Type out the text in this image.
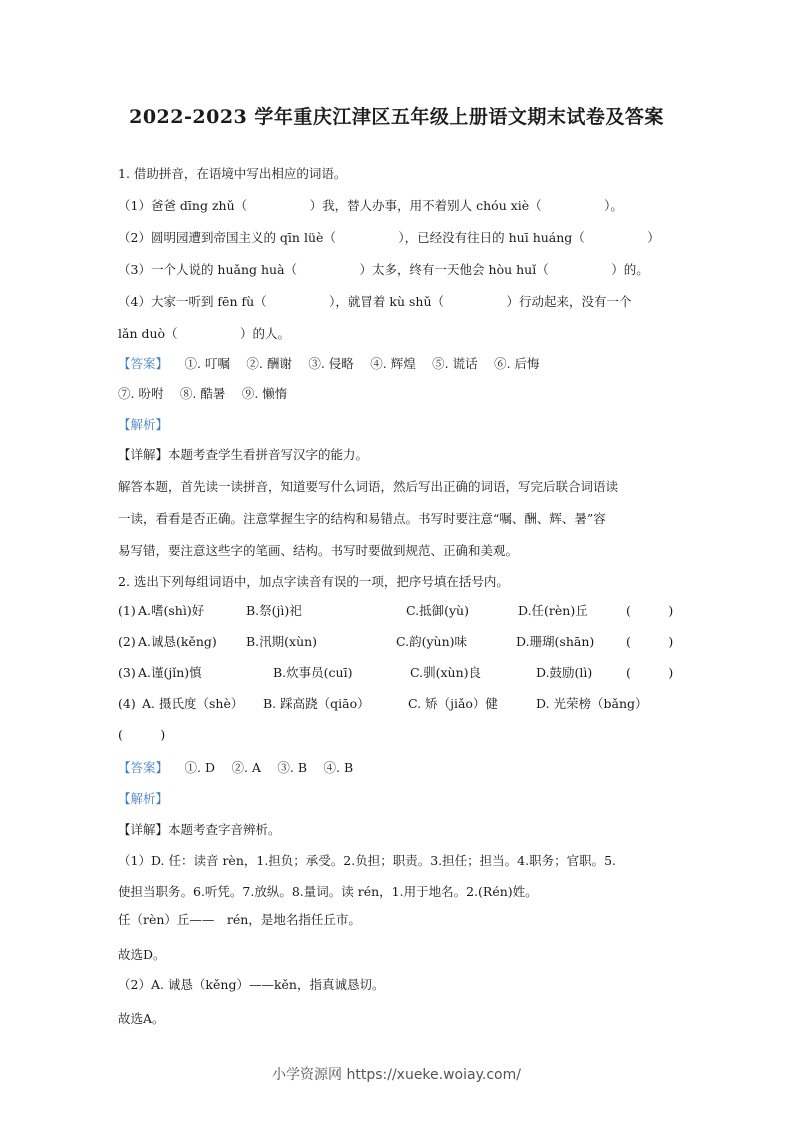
2022-2023 学年重庆江津区五年级上册语文期末试卷及答案
1. 借助拼音，在语境中写出相应的词语。
（1）爸爸 dīng zhǔ（　　　　　）我，替人办事，用不着别人 chóu xiè（　　　　　）。
（2）圆明园遭到帝国主义的 qīn lüè（　　　　　），已经没有往日的 huī huáng（　　　　　）
（3）一个人说的 huǎng huà（　　　　　）太多，终有一天他会 hòu huǐ（　　　　　）的。
（4）大家一听到 fēn fù（　　　　　），就冒着 kù shǔ（　　　　　）行动起来，没有一个
lǎn duò（　　　　　）的人。
【答案】 　①. 叮嘱　 ②. 酬谢　 ③. 侵略　 ④. 辉煌　 ⑤. 谎话　 ⑥. 后悔
⑦. 吩咐　 ⑧. 酷暑　 ⑨. 懒惰
【解析】
【详解】本题考查学生看拼音写汉字的能力。
解答本题，首先读一读拼音，知道要写什么词语，然后写出正确的词语，写完后联合词语读
一读，看看是否正确。注意掌握生字的结构和易错点。书写时要注意“嘱、酬、辉、暑”容
易写错，要注意这些字的笔画、结构。书写时要做到规范、正确和美观。
2. 选出下列每组词语中，加点字读音有误的一项，把序号填在括号内。
(1) A.嗜(shì)好	B.祭(jì)祀	C.抵御(yù)	D.任(rèn)丘	(　　　)
(2) A.诚恳(kěng) B.汛期(xùn)	C.韵(yùn)味	D.珊瑚(shān)	(　　　)
(3) A.谨(jǐn)慎	B.炊事员(cuī)	C.驯(xùn)良	D.鼓励(lì)	(　　　)
(4) A. 摄氏度（shè） B. 踩高跷（qiāo）	C. 矫（jiǎo）健	D. 光荣榜（bǎng）
(　　　)
【答案】 　①. D　 ②. A　 ③. B　 ④. B
【解析】
【详解】本题考查字音辨析。
（1）D. 任：读音 rèn，1.担负；承受。2.负担；职责。3.担任；担当。4.职务；官职。5.
使担当职务。6.听凭。7.放纵。8.量词。读 rén，1.用于地名。2.(Rén)姓。
任（rèn）丘——　rén，是地名指任丘市。
故选D。
（2）A. 诚恳（kěng）——kěn，指真诚恳切。
故选A。
小学资源网 https://xueke.woiay.com/
